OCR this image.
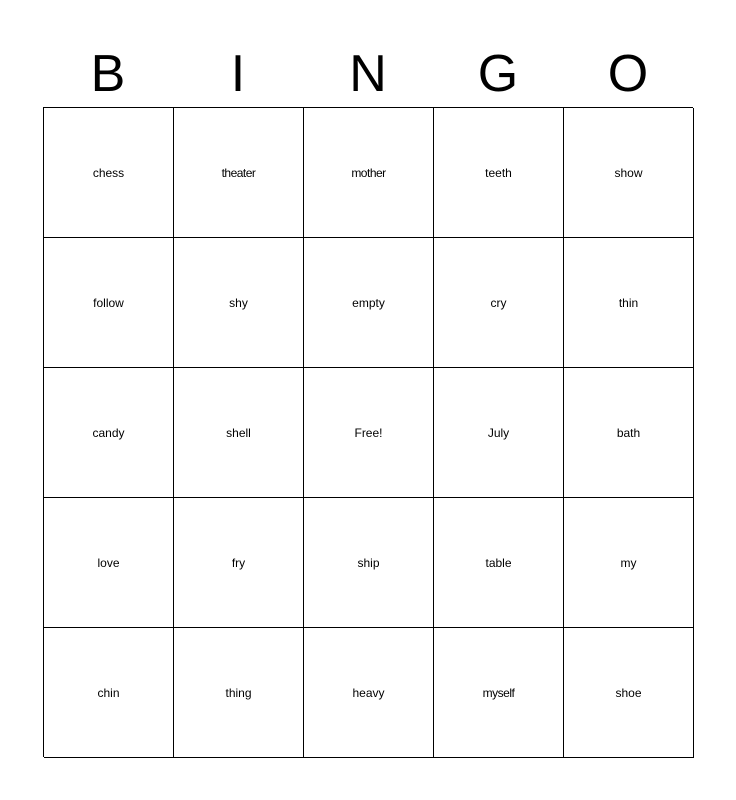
B	I	N	G	O
chess	theater	mother	teeth	show
follow	shy	empty	cry	thin
candy	shell	Free!	July	bath
love	fry	ship	table	my
chin	thing	heavy	myself	shoe
